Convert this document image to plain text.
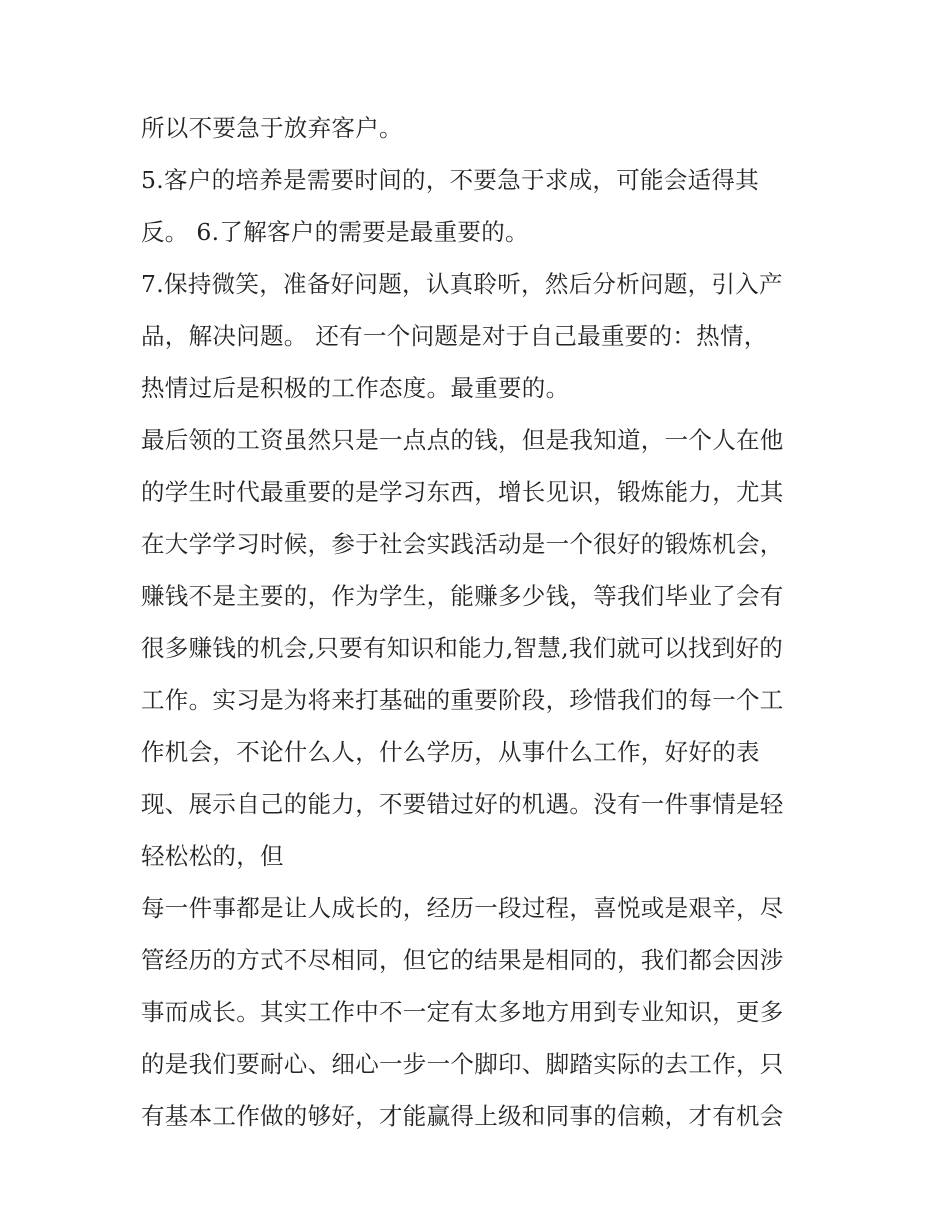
所以不要急于放弃客户。
5.客户的培养是需要时间的，不要急于求成，可能会适得其
反。 6.了解客户的需要是最重要的。
7.保持微笑，准备好问题，认真聆听，然后分析问题，引入产
品，解决问题。 还有一个问题是对于自己最重要的：热情，
热情过后是积极的工作态度。最重要的。
最后领的工资虽然只是一点点的钱，但是我知道，一个人在他
的学生时代最重要的是学习东西，增长见识，锻炼能力，尤其
在大学学习时候，参于社会实践活动是一个很好的锻炼机会，
赚钱不是主要的，作为学生，能赚多少钱，等我们毕业了会有
很多赚钱的机会,只要有知识和能力,智慧,我们就可以找到好的
工作。实习是为将来打基础的重要阶段，珍惜我们的每一个工
作机会，不论什么人，什么学历，从事什么工作，好好的表
现、展示自己的能力，不要错过好的机遇。没有一件事情是轻
轻松松的，但
每一件事都是让人成长的，经历一段过程，喜悦或是艰辛，尽
管经历的方式不尽相同，但它的结果是相同的，我们都会因涉
事而成长。其实工作中不一定有太多地方用到专业知识，更多
的是我们要耐心、细心一步一个脚印、脚踏实际的去工作，只
有基本工作做的够好，才能赢得上级和同事的信赖，才有机会
